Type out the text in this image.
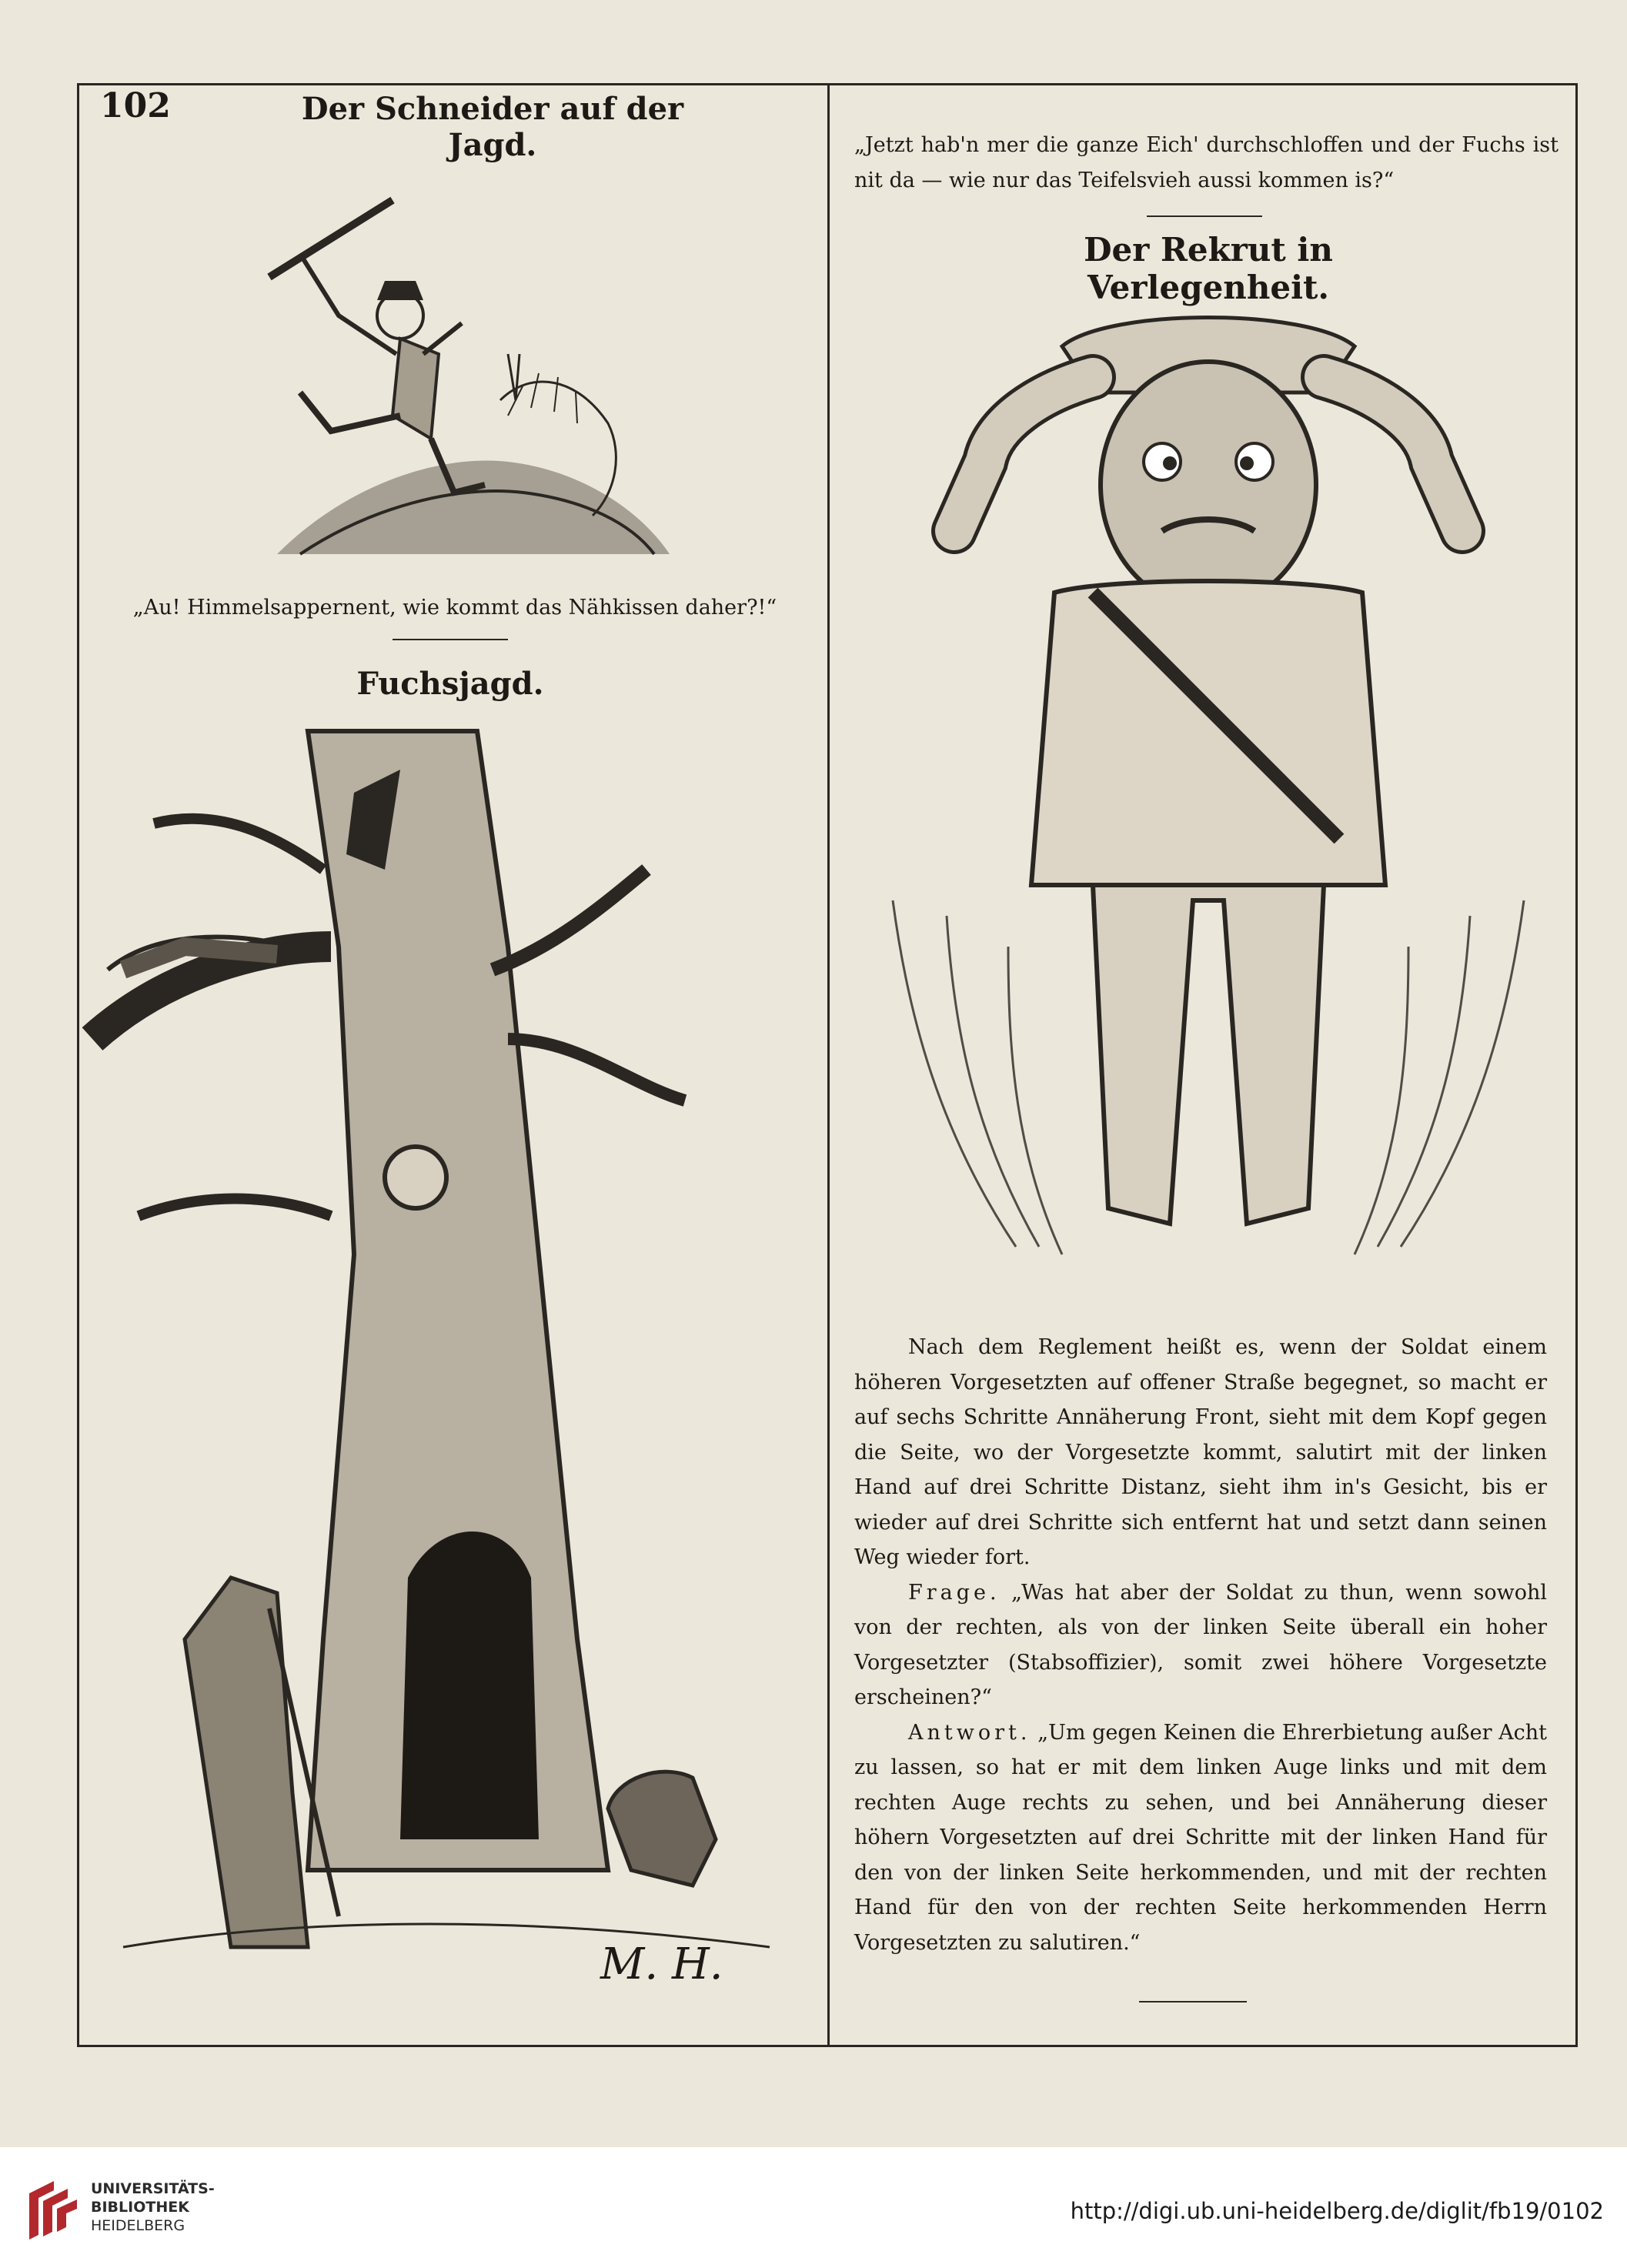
102	Der Schneider auf der Jagd.
„Au! Himmelsappernent, wie kommt das Nähkissen daher?!“
Fuchsjagd.
M. H.
„Jetzt hab'n mer die ganze Eich' durchschloffen und der Fuchs ist nit da — wie nur das Teifelsvieh aussi kommen is?“
Der Rekrut in Verlegenheit.

Nach dem Reglement heißt es, wenn der Soldat einem höheren Vorgesetzten auf offener Straße begegnet, so macht er auf sechs Schritte Annäherung Front, sieht mit dem Kopf gegen die Seite, wo der Vorgesetzte kommt, salutirt mit der linken Hand auf drei Schritte Distanz, sieht ihm in's Gesicht, bis er wieder auf drei Schritte sich entfernt hat und setzt dann seinen Weg wieder fort.

Frage. „Was hat aber der Soldat zu thun, wenn sowohl von der rechten, als von der linken Seite überall ein hoher Vorgesetzter (Stabsoffizier), somit zwei höhere Vorgesetzte erscheinen?“

Antwort. „Um gegen Keinen die Ehrerbietung außer Acht zu lassen, so hat er mit dem linken Auge links und mit dem rechten Auge rechts zu sehen, und bei Annäherung dieser höhern Vorgesetzten auf drei Schritte mit der linken Hand für den von der linken Seite herkommenden, und mit der rechten Hand für den von der rechten Seite herkommenden Herrn Vorgesetzten zu salutiren.“

UNIVERSITÄTS-
BIBLIOTHEK
HEIDELBERG
http://digi.ub.uni-heidelberg.de/diglit/fb19/0102
